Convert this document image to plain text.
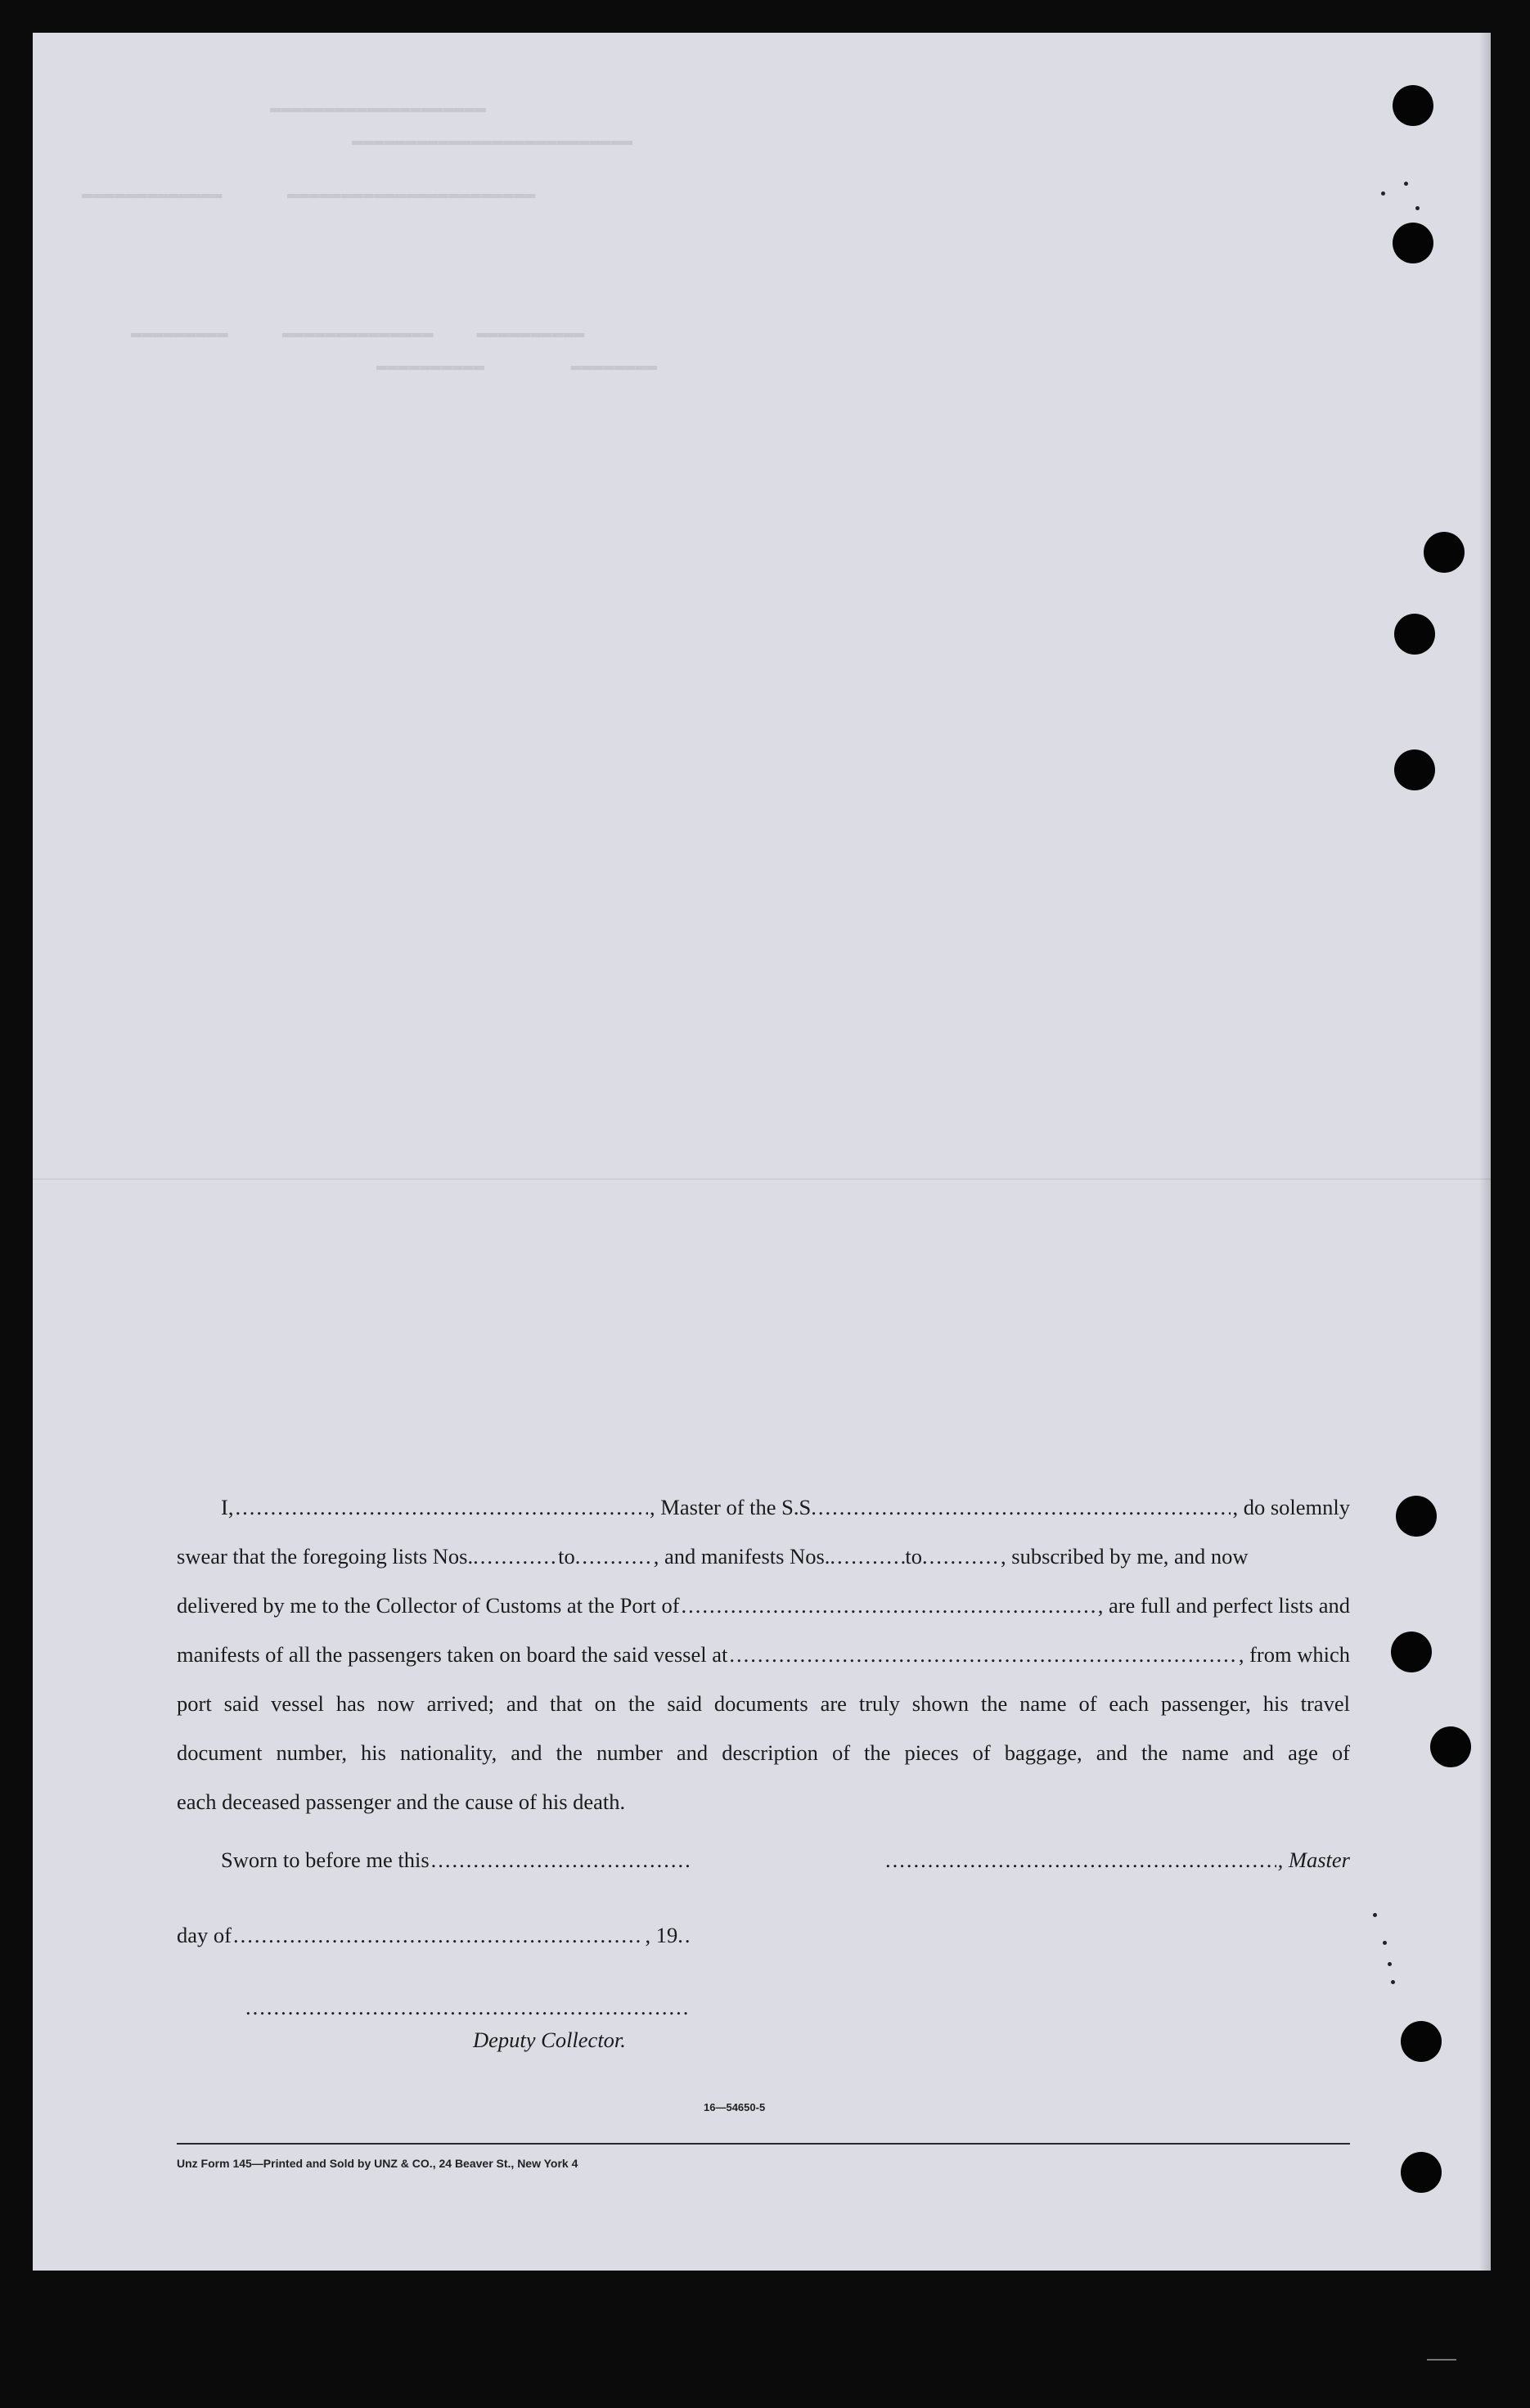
▬▬▬▬▬▬▬▬▬▬▬▬▬▬▬▬▬▬▬▬
▬▬▬▬▬▬▬▬▬▬▬▬▬▬▬▬▬▬▬▬▬▬▬▬▬▬
▬▬▬▬▬▬▬▬▬▬▬▬▬      ▬▬▬▬▬▬▬▬▬▬▬▬▬▬▬▬▬▬▬▬▬▬▬
▬▬▬▬▬▬▬▬▬     ▬▬▬▬▬▬▬▬▬▬▬▬▬▬    ▬▬▬▬▬▬▬▬▬▬
▬▬▬▬▬▬▬▬▬▬        ▬▬▬▬▬▬▬▬
I, .....	, Master of the S.S. .....	, do solemnly
swear that the foregoing lists Nos. .....	to .....	, and manifests Nos. .....	to .....	, subscribed by me, and now
delivered by me to the Collector of Customs at the Port of .....	, are full and perfect lists and
manifests of all the passengers taken on board the said vessel at .....	, from which
port said vessel has now arrived; and that on the said documents are truly shown the name of each passenger, his travel
document number, his nationality, and the number and description of the pieces of baggage, and the name and age of
each deceased passenger and the cause of his death.
Sworn to before me this ..... .....	, Master
day of .....	, 19
.....
.....
Deputy Collector.
16—54650-5
Unz Form 145—Printed and Sold by UNZ & CO., 24 Beaver St., New York 4
